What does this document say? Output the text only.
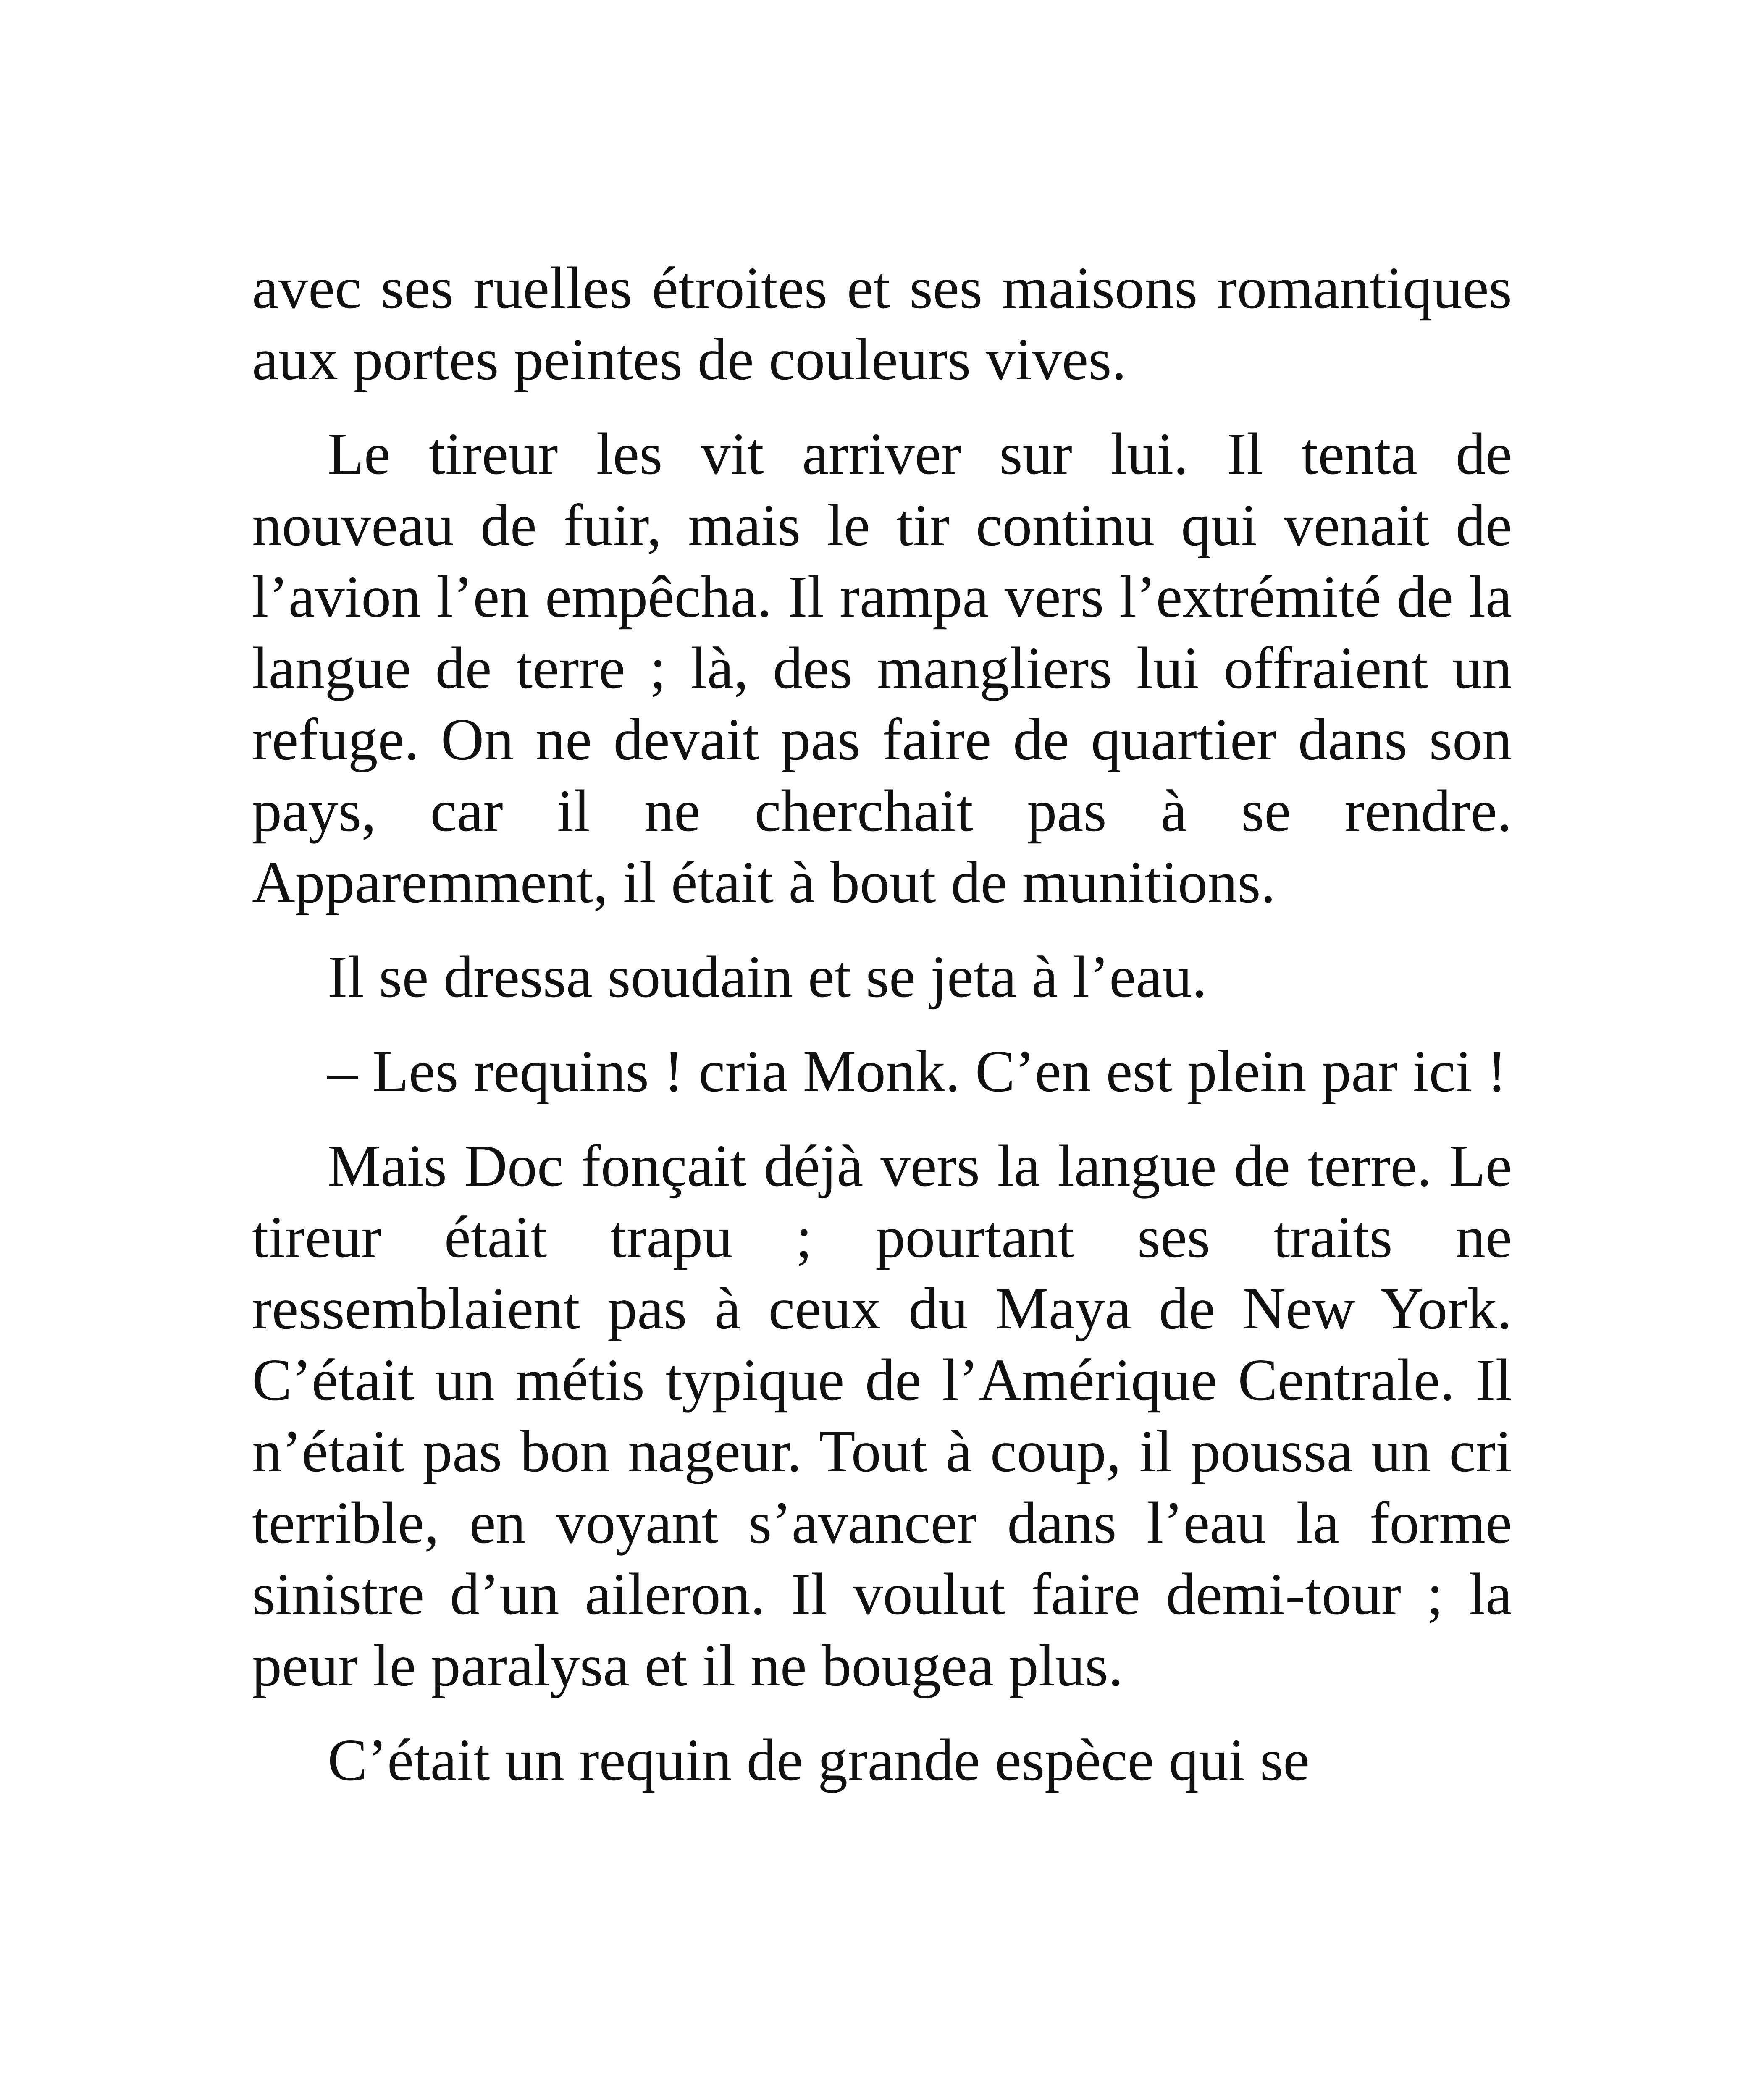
avec ses ruelles étroites et ses maisons romantiques aux portes peintes de couleurs vives.

Le tireur les vit arriver sur lui. Il tenta de nouveau de fuir, mais le tir continu qui venait de l’avion l’en empêcha. Il rampa vers l’extrémité de la langue de terre ; là, des mangliers lui offraient un refuge. On ne devait pas faire de quartier dans son pays, car il ne cherchait pas à se rendre. Apparemment, il était à bout de munitions.

Il se dressa soudain et se jeta à l’eau.

– Les requins ! cria Monk. C’en est plein par ici !

Mais Doc fonçait déjà vers la langue de terre. Le tireur était trapu ; pourtant ses traits ne ressemblaient pas à ceux du Maya de New York. C’était un métis typique de l’Amérique Centrale. Il n’était pas bon nageur. Tout à coup, il poussa un cri terrible, en voyant s’avancer dans l’eau la forme sinistre d’un aileron. Il voulut faire demi-tour ; la peur le paralysa et il ne bougea plus.

C’était un requin de grande espèce qui se
